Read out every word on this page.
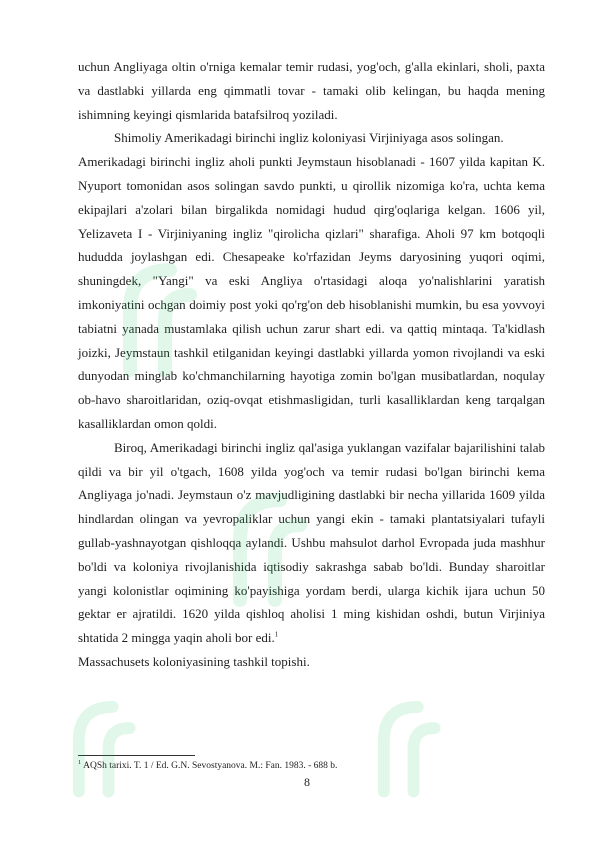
uchun Angliyaga oltin o'rniga kemalar temir rudasi, yog'och, g'alla ekinlari, sholi, paxta va dastlabki yillarda eng qimmatli tovar - tamaki olib kelingan, bu haqda mening ishimning keyingi qismlarida batafsilroq yoziladi.

Shimoliy Amerikadagi birinchi ingliz koloniyasi Virjiniyaga asos solingan.

Amerikadagi birinchi ingliz aholi punkti Jeymstaun hisoblanadi - 1607 yilda kapitan K. Nyuport tomonidan asos solingan savdo punkti, u qirollik nizomiga ko'ra, uchta kema ekipajlari a'zolari bilan birgalikda nomidagi hudud qirg'oqlariga kelgan. 1606 yil, Yelizaveta I - Virjiniyaning ingliz "qirolicha qizlari" sharafiga. Aholi 97 km botqoqli hududda joylashgan edi. Chesapeake ko'rfazidan Jeyms daryosining yuqori oqimi, shuningdek, "Yangi" va eski Angliya o'rtasidagi aloqa yo'nalishlarini yaratish imkoniyatini ochgan doimiy post yoki qo'rg'on deb hisoblanishi mumkin, bu esa yovvoyi tabiatni yanada mustamlaka qilish uchun zarur shart edi. va qattiq mintaqa. Ta'kidlash joizki, Jeymstaun tashkil etilganidan keyingi dastlabki yillarda yomon rivojlandi va eski dunyodan minglab ko'chmanchilarning hayotiga zomin bo'lgan musibatlardan, noqulay ob-havo sharoitlaridan, oziq-ovqat etishmasligidan, turli kasalliklardan keng tarqalgan kasalliklardan omon qoldi.

Biroq, Amerikadagi birinchi ingliz qal'asiga yuklangan vazifalar bajarilishini talab qildi va bir yil o'tgach, 1608 yilda yog'och va temir rudasi bo'lgan birinchi kema Angliyaga jo'nadi. Jeymstaun o'z mavjudligining dastlabki bir necha yillarida 1609 yilda hindlardan olingan va yevropaliklar uchun yangi ekin - tamaki plantatsiyalari tufayli gullab-yashnayotgan qishloqqa aylandi. Ushbu mahsulot darhol Evropada juda mashhur bo'ldi va koloniya rivojlanishida iqtisodiy sakrashga sabab bo'ldi. Bunday sharoitlar yangi kolonistlar oqimining ko'payishiga yordam berdi, ularga kichik ijara uchun 50 gektar er ajratildi. 1620 yilda qishloq aholisi 1 ming kishidan oshdi, butun Virjiniya shtatida 2 mingga yaqin aholi bor edi.$^1$

Massachusets koloniyasining tashkil topishi.

$^1$ AQSh tarixi. T. 1 / Ed. G.N. Sevostyanova. M.: Fan. 1983. - 688 b.
8
